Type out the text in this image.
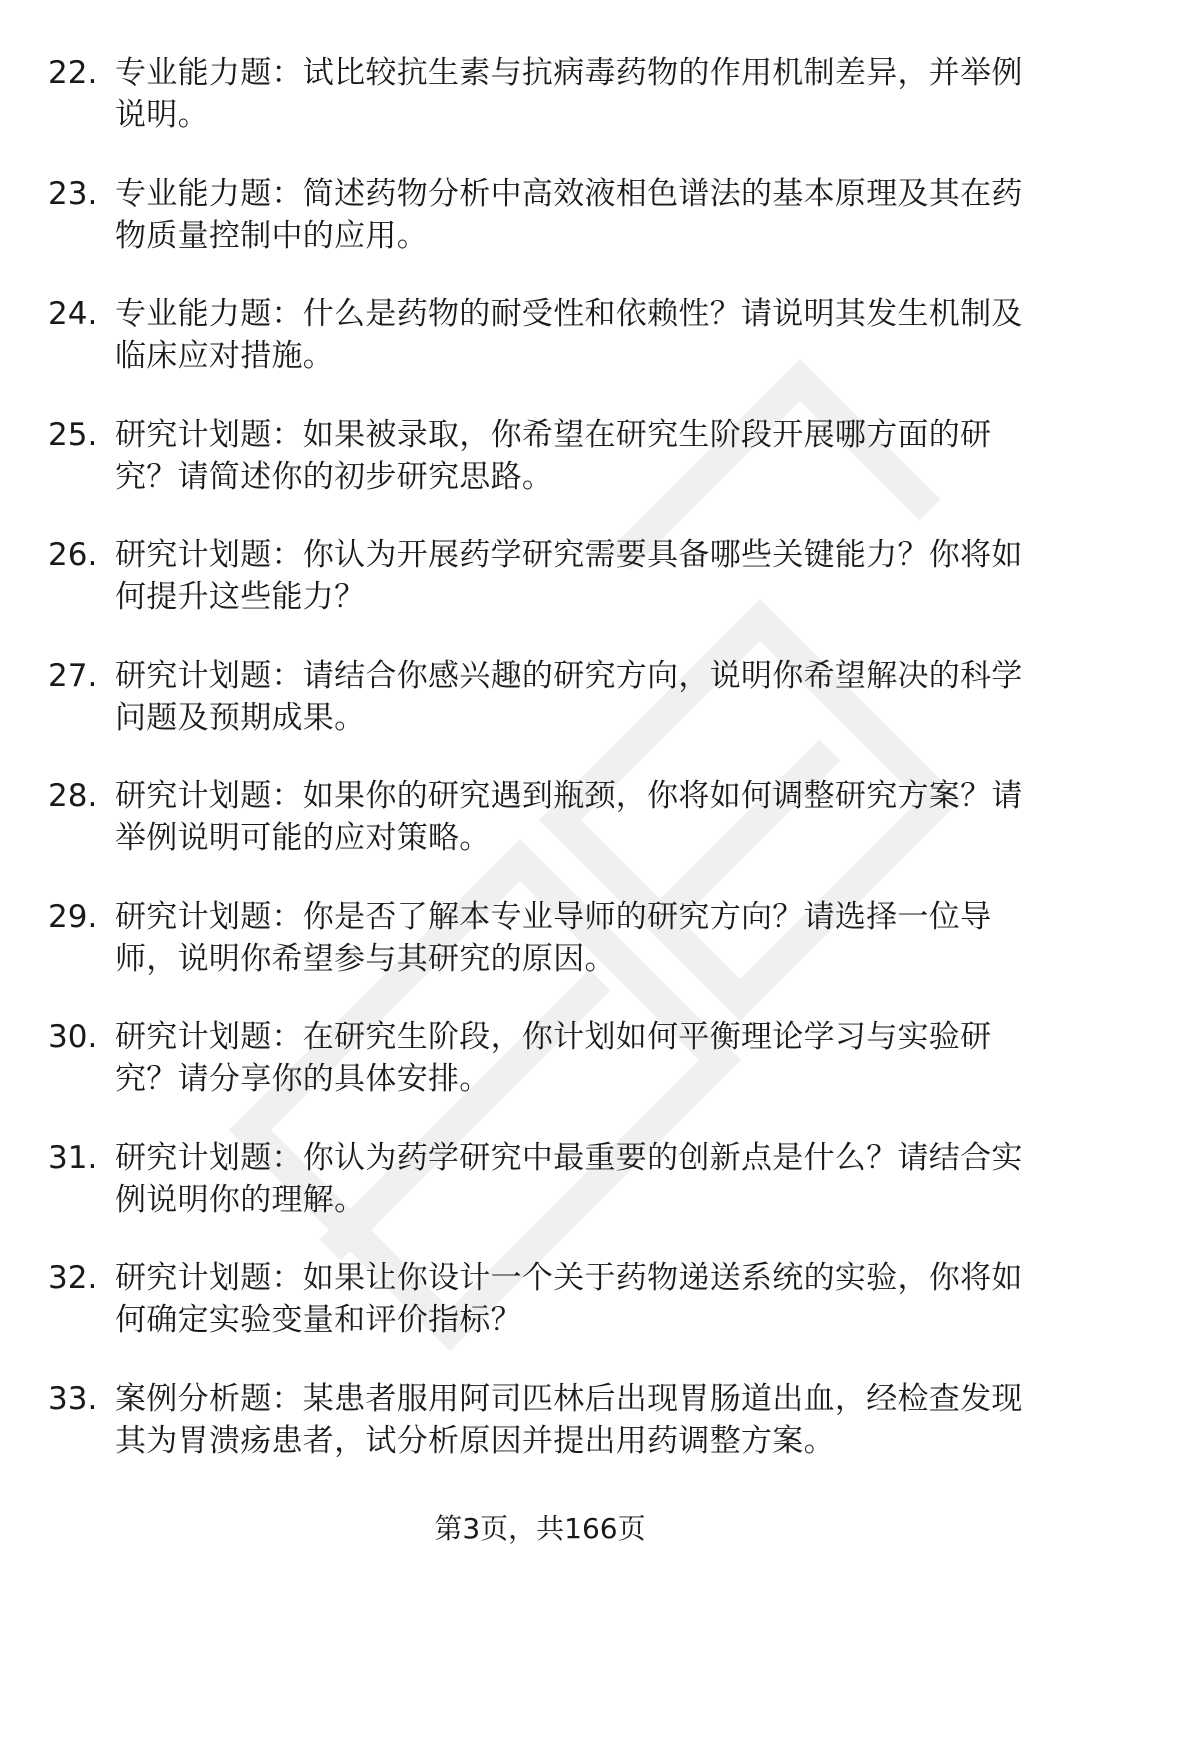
22. 专业能力题：试比较抗生素与抗病毒药物的作用机制差异，并举例说明。
23. 专业能力题：简述药物分析中高效液相色谱法的基本原理及其在药物质量控制中的应用。
24. 专业能力题：什么是药物的耐受性和依赖性？请说明其发生机制及临床应对措施。
25. 研究计划题：如果被录取，你希望在研究生阶段开展哪方面的研究？请简述你的初步研究思路。
26. 研究计划题：你认为开展药学研究需要具备哪些关键能力？你将如何提升这些能力？
27. 研究计划题：请结合你感兴趣的研究方向，说明你希望解决的科学问题及预期成果。
28. 研究计划题：如果你的研究遇到瓶颈，你将如何调整研究方案？请举例说明可能的应对策略。
29. 研究计划题：你是否了解本专业导师的研究方向？请选择一位导师，说明你希望参与其研究的原因。
30. 研究计划题：在研究生阶段，你计划如何平衡理论学习与实验研究？请分享你的具体安排。
31. 研究计划题：你认为药学研究中最重要的创新点是什么？请结合实例说明你的理解。
32. 研究计划题：如果让你设计一个关于药物递送系统的实验，你将如何确定实验变量和评价指标？
33. 案例分析题：某患者服用阿司匹林后出现胃肠道出血，经检查发现其为胃溃疡患者，试分析原因并提出用药调整方案。
第3页，共166页
